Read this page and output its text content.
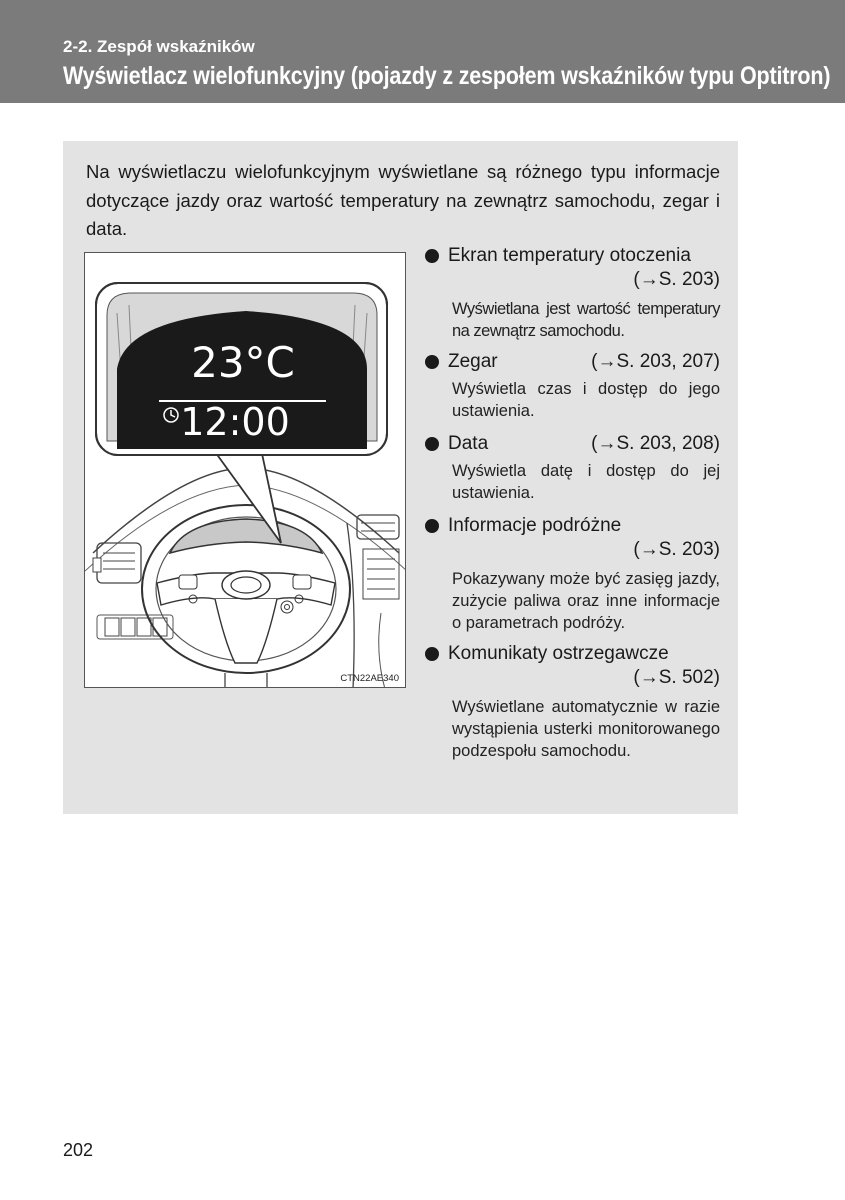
2-2. Zespół wskaźników
Wyświetlacz wielofunkcyjny (pojazdy z zespołem wskaźników typu Optitron)

Na wyświetlaczu wielofunkcyjnym wyświetlane są różnego typu informacje dotyczące jazdy oraz wartość temperatury na zewnątrz samochodu, zegar i data.

23°C
12:00
CTN22AE340
Ekran temperatury otoczenia
(→S. 203)

Wyświetlana jest wartość temperatury na zewnątrz samochodu.

Zegar	(→S. 203, 207)

Wyświetla czas i dostęp do jego ustawienia.

Data	(→S. 203, 208)

Wyświetla datę i dostęp do jej ustawienia.

Informacje podróżne
(→S. 203)

Pokazywany może być zasięg jazdy, zużycie paliwa oraz inne informacje o parametrach podróży.

Komunikaty ostrzegawcze
(→S. 502)

Wyświetlane automatycznie w razie wystąpienia usterki monitorowanego podzespołu samochodu.

202
